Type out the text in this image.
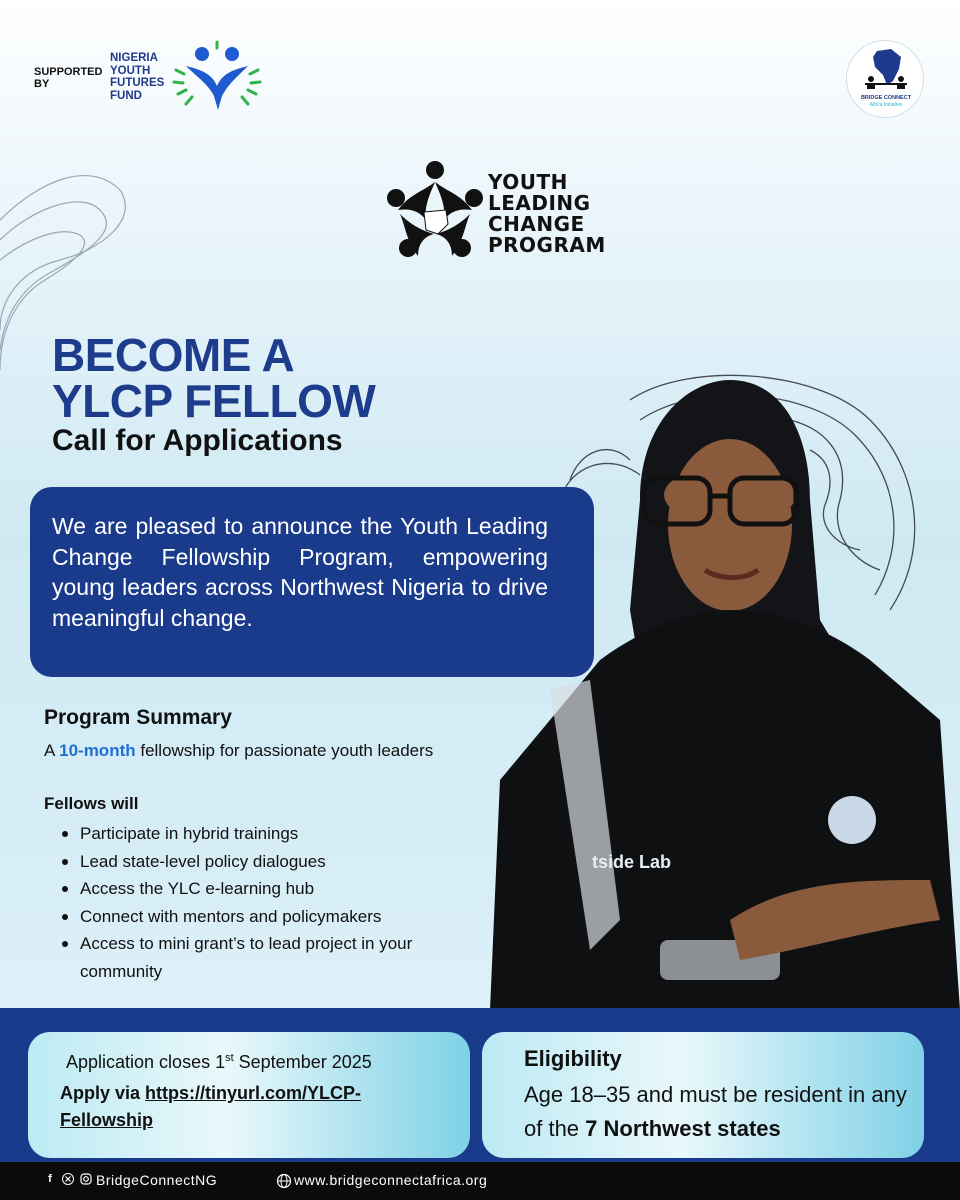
SUPPORTED BY
NIGERIA
YOUTH
FUTURES
FUND	BRIDGE CONNECT
Africa Initiative
YOUTH
LEADING
CHANGE
PROGRAM
BECOME A
YLCP FELLOW
Call for Applications
tside Lab
We are pleased to announce the Youth Leading Change Fellowship Program, empowering young leaders across Northwest Nigeria to drive meaningful change.
Program Summary
A 10-month fellowship for passionate youth leaders
Fellows will
Participate in hybrid trainings
Lead state-level policy dialogues
Access the YLC e-learning hub
Connect with mentors and policymakers
Access to mini grant’s to lead project in your community
Application closes 1st September 2025
Apply via https://tinyurl.com/YLCP-Fellowship
Eligibility
Age 18–35 and must be resident in any of the 7 Northwest states
f	BridgeConnectNG	www.bridgeconnectafrica.org
